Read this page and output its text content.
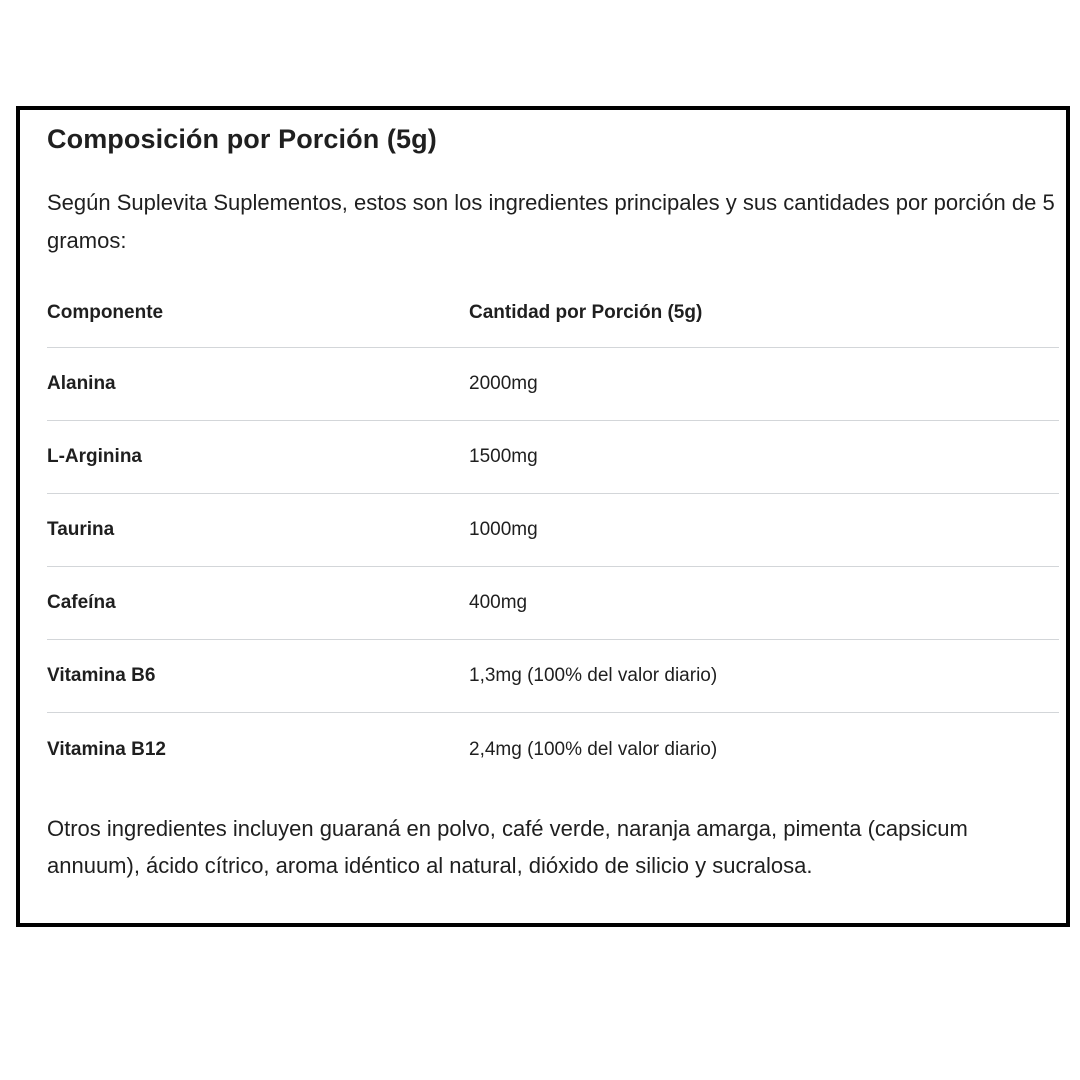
Composición por Porción (5g)

Según Suplevita Suplementos, estos son los ingredientes principales y sus cantidades por porción de 5 gramos:

Componente	Cantidad por Porción (5g)
Alanina	2000mg
L-Arginina	1500mg
Taurina	1000mg
Cafeína	400mg
Vitamina B6	1,3mg (100% del valor diario)
Vitamina B12	2,4mg (100% del valor diario)

Otros ingredientes incluyen guaraná en polvo, café verde, naranja amarga, pimenta (capsicum annuum), ácido cítrico, aroma idéntico al natural, dióxido de silicio y sucralosa.
